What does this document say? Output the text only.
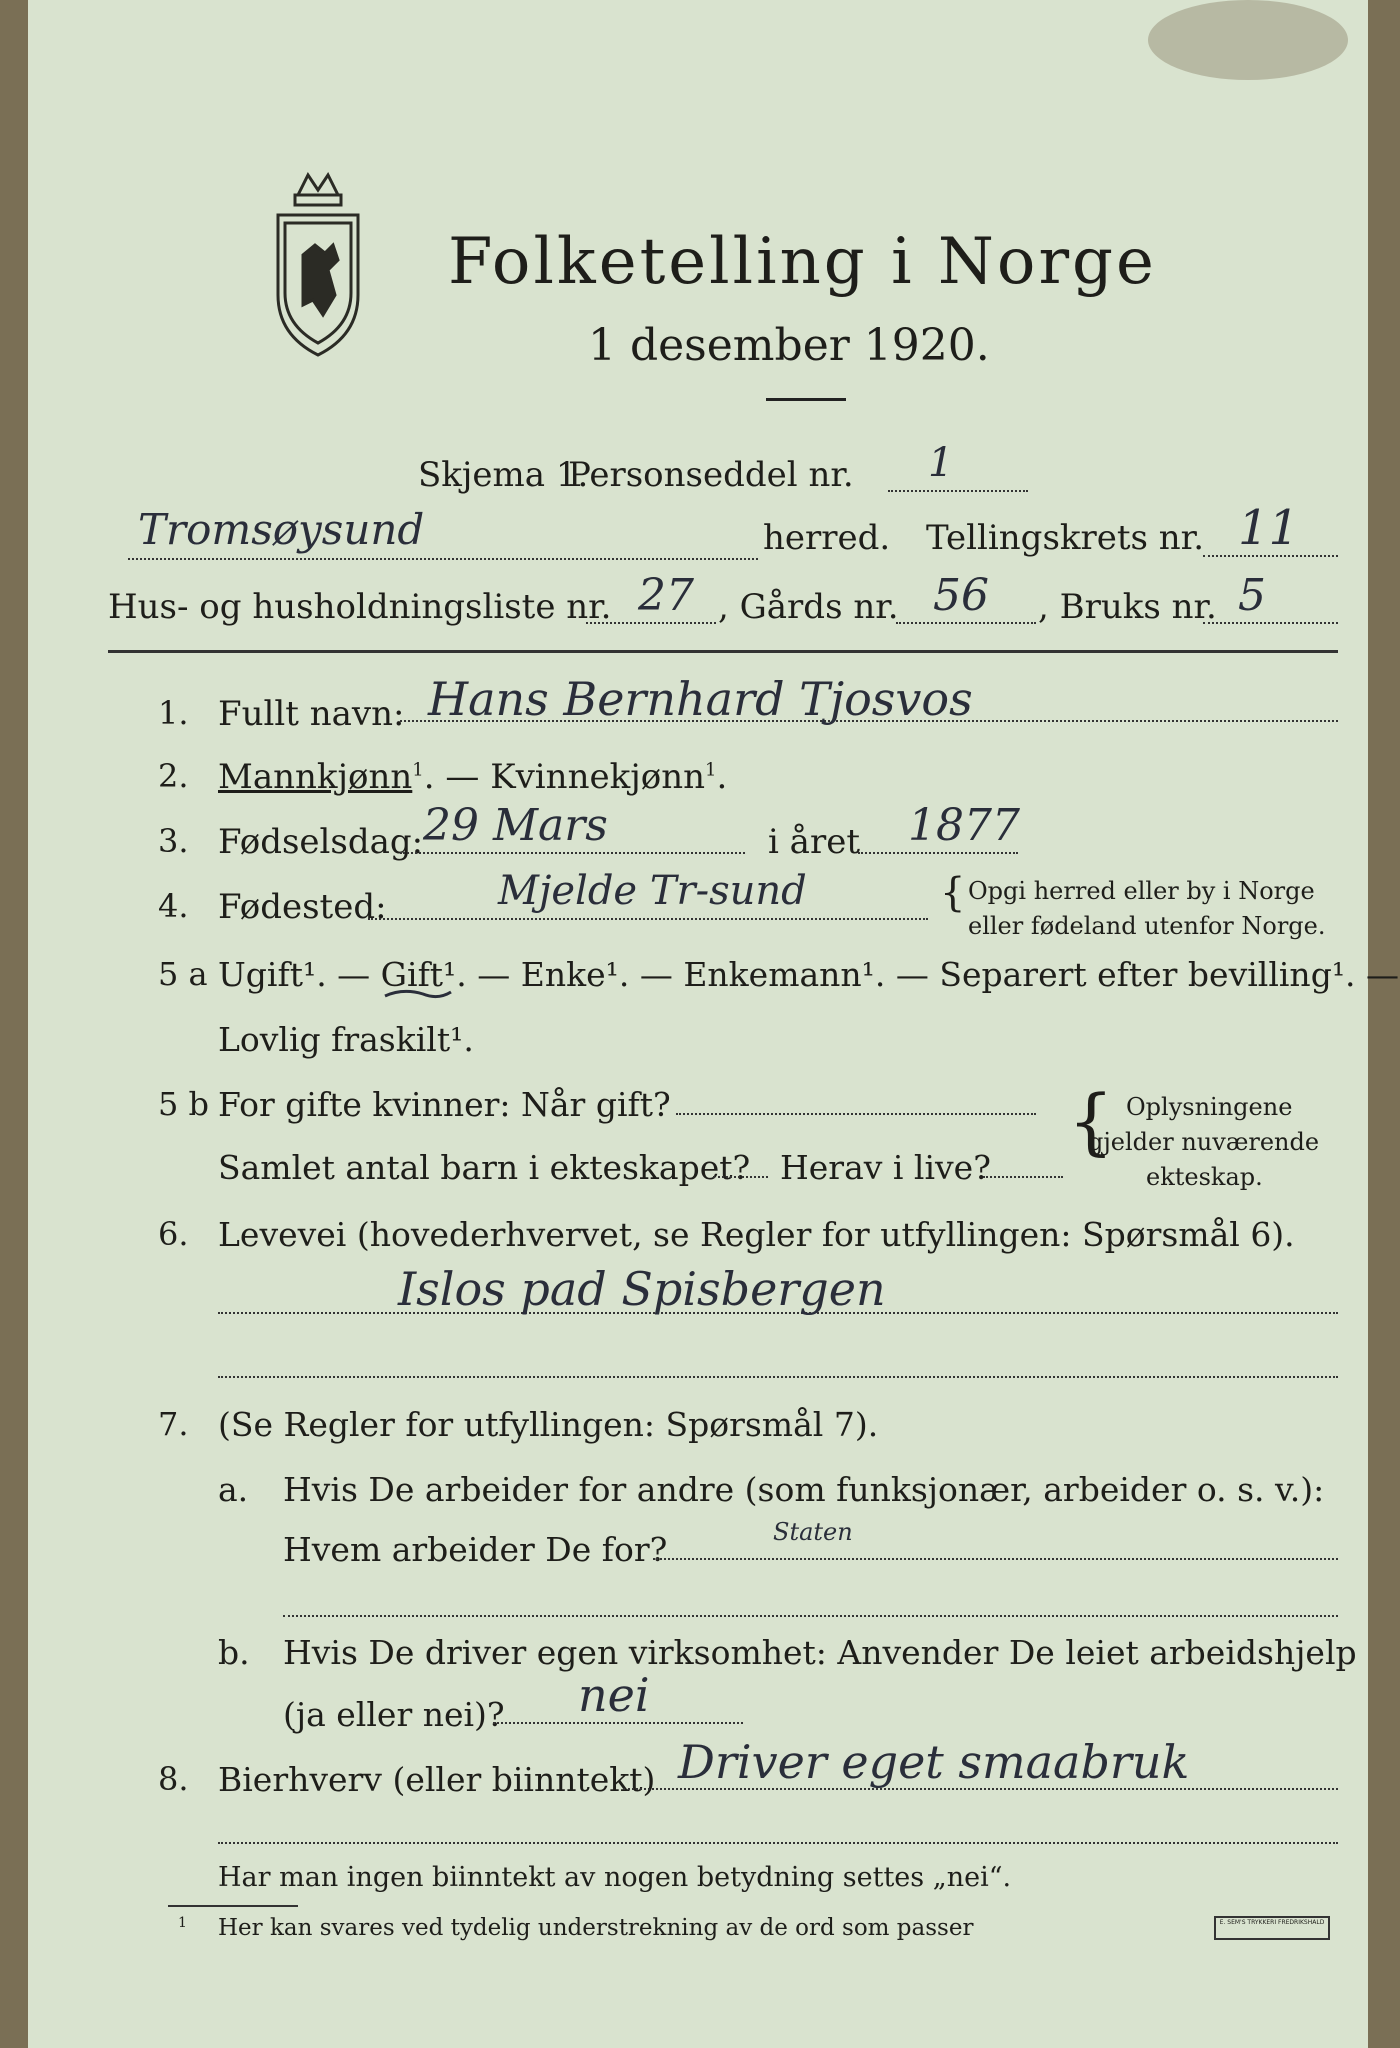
Folketelling i Norge
1 desember 1920.
Skjema 1.
Personseddel nr. 1
Tromsøysund	herred. Tellingskrets nr. 11
Hus- og husholdningsliste nr. 27 , Gårds nr. 56 , Bruks nr. 5
1. Fullt navn: Hans Bernhard Tjosvos
2. Mannkjønn$^1$. — Kvinnekjønn$^1$.
3. Fødselsdag: 29 Mars	i året 1877
4. Fødested:	Mjelde Tr-sund	{ Opgi herred eller by i Norge
eller fødeland utenfor Norge.
5 a Ugift¹. — Gift¹. — Enke¹. — Enkemann¹. — Separert efter bevilling¹. —
Lovlig fraskilt¹.
5 b For gifte kvinner: Når gift?
Samlet antal barn i ekteskapet? Herav i live?
{ Oplysningene
gjelder nuværende
ekteskap.
6. Levevei (hovederhvervet, se Regler for utfyllingen: Spørsmål 6).
Islos pad Spisbergen
7. (Se Regler for utfyllingen: Spørsmål 7).
a. Hvis De arbeider for andre (som funksjonær, arbeider o. s. v.):
Hvem arbeider De for?	Staten
b. Hvis De driver egen virksomhet: Anvender De leiet arbeidshjelp
(ja eller nei)? nei
8. Bierhverv (eller biinntekt) Driver eget smaabruk
Har man ingen biinntekt av nogen betydning settes „nei“.
1 Her kan svares ved tydelig understrekning av de ord som passer	E. SEM'S TRYKKERI FREDRIKSHALD
